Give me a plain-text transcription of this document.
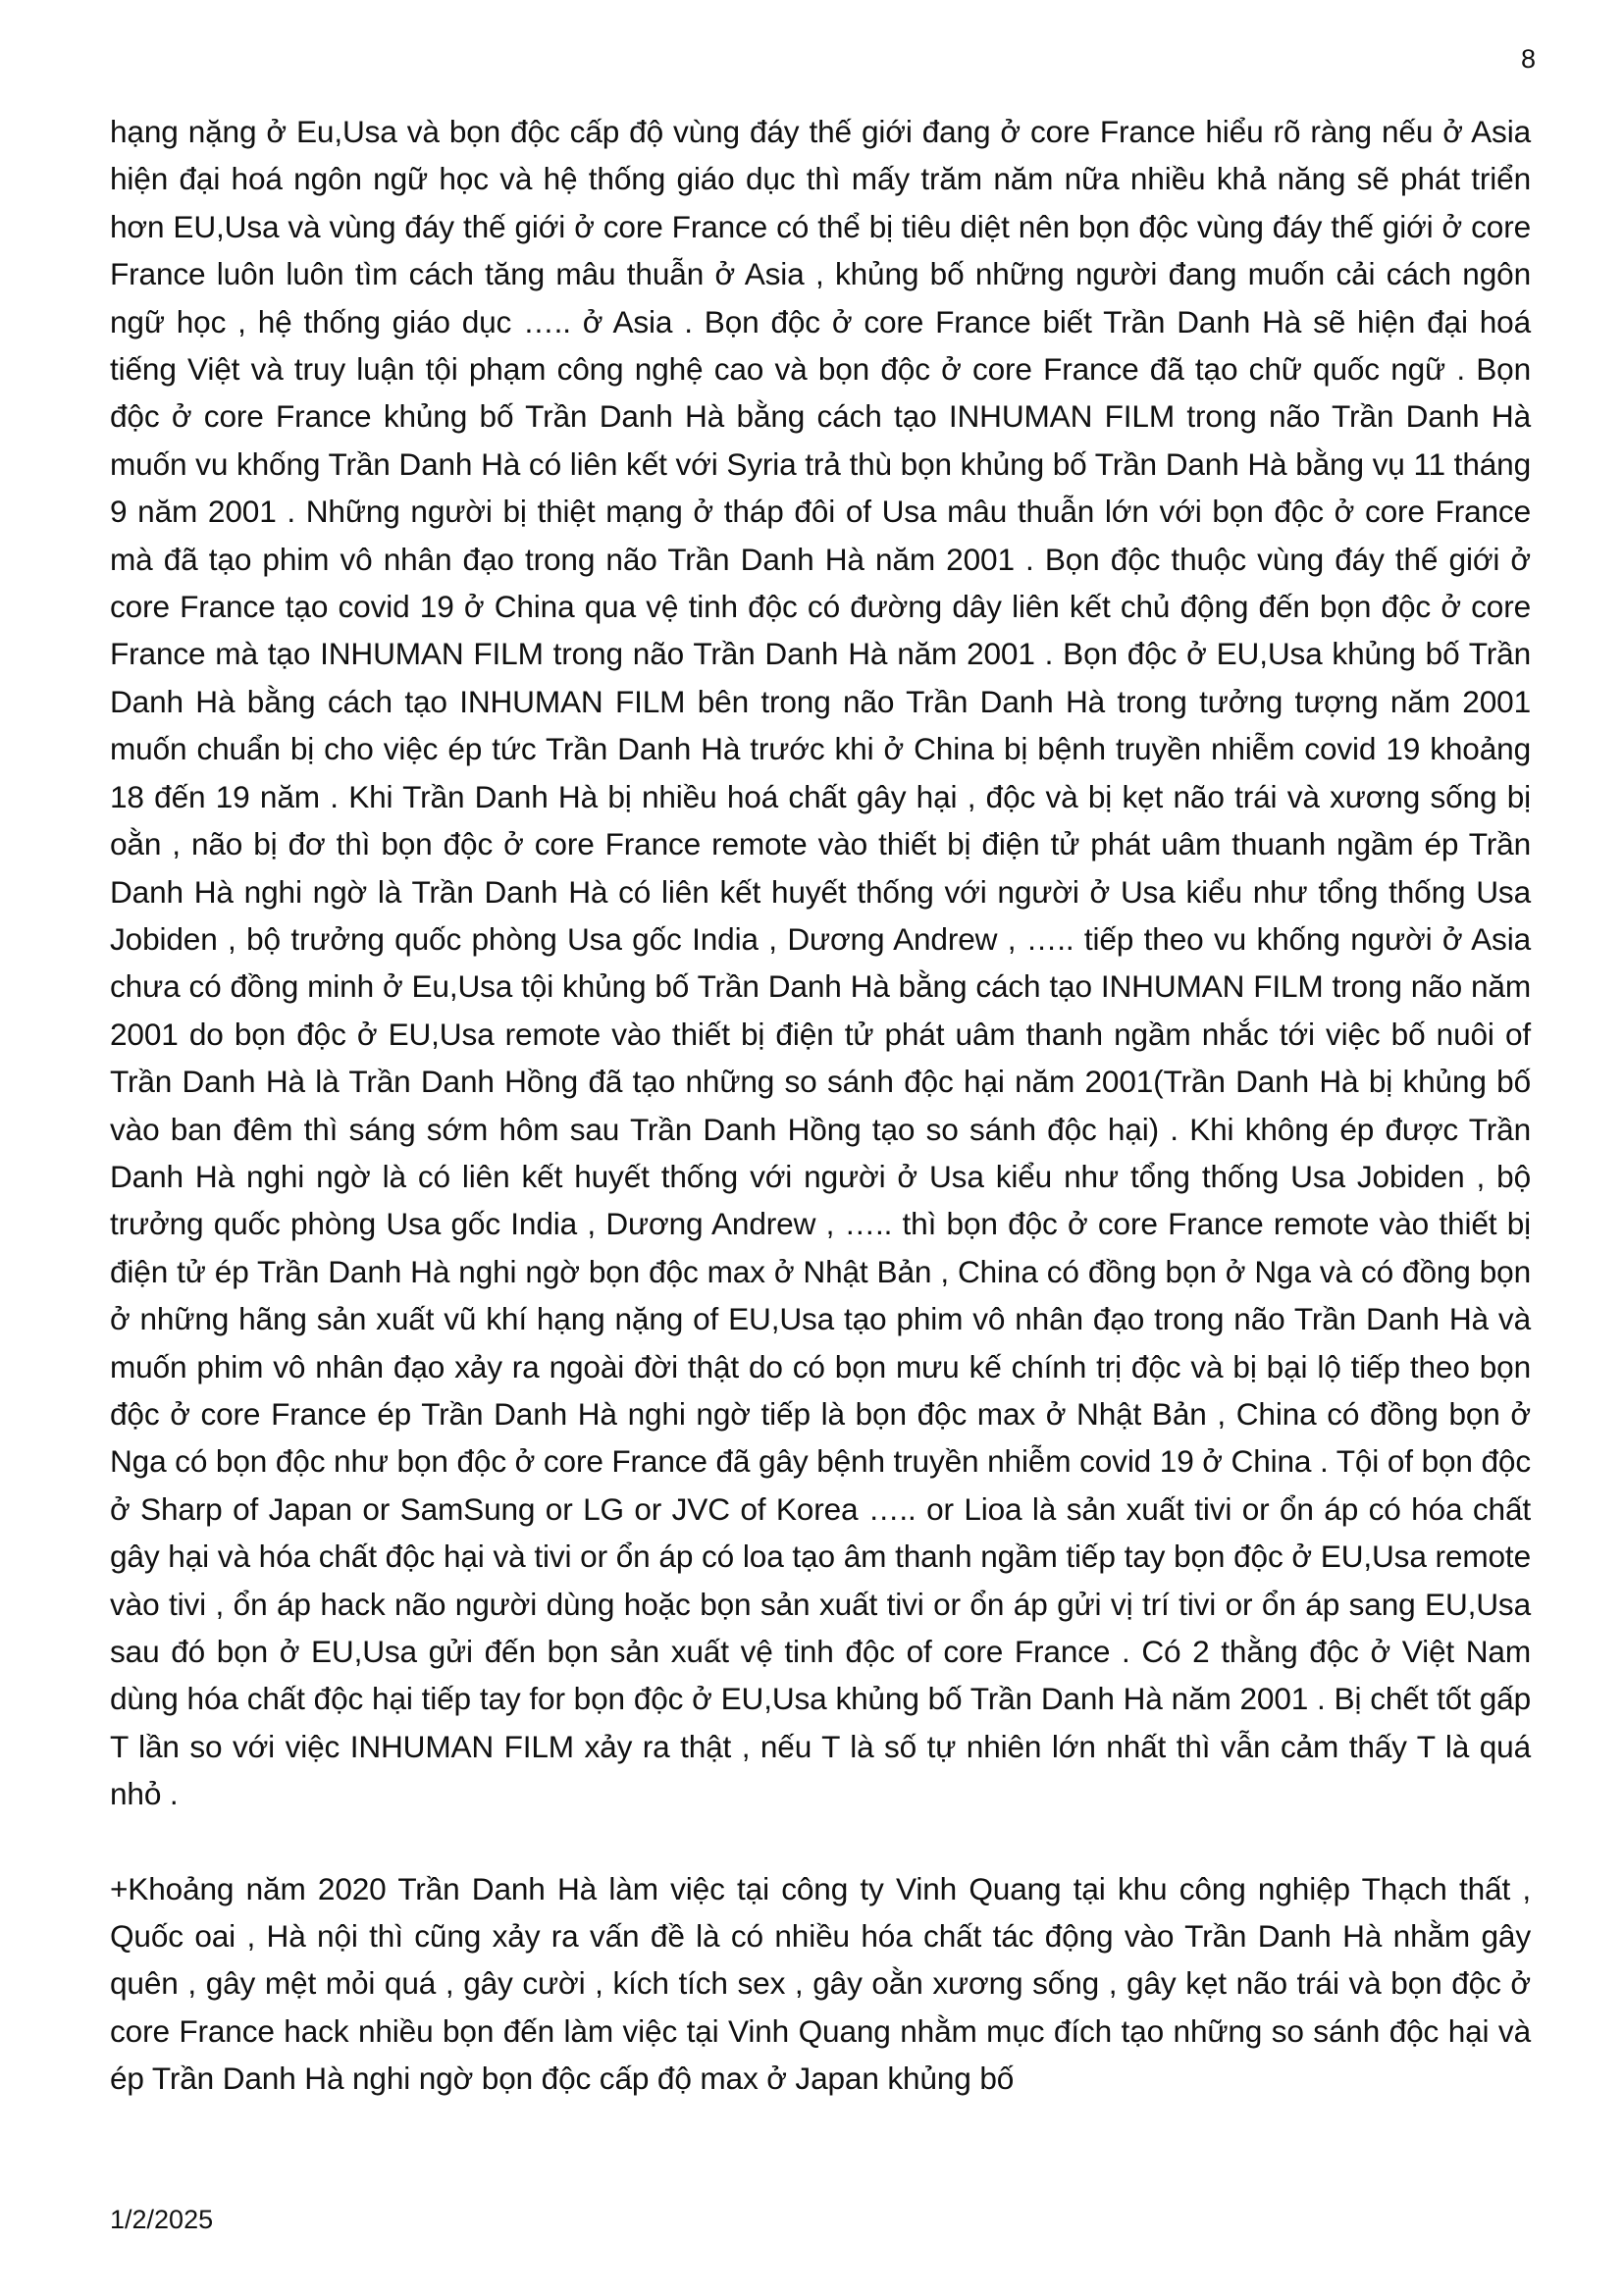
8

hạng nặng ở Eu,Usa và bọn độc cấp độ vùng đáy thế giới đang ở core France hiểu rõ ràng nếu ở Asia hiện đại hoá ngôn ngữ học và hệ thống giáo dục thì mấy trăm năm nữa nhiều khả năng sẽ phát triển hơn EU,Usa và vùng đáy thế giới ở core France có thể bị tiêu diệt nên bọn độc vùng đáy thế giới ở core France luôn luôn tìm cách tăng mâu thuẫn ở Asia , khủng bố những người đang muốn cải cách ngôn ngữ học , hệ thống giáo dục ….. ở Asia . Bọn độc ở core France biết Trần Danh Hà sẽ hiện đại hoá tiếng Việt và truy luận tội phạm công nghệ cao và bọn độc ở core France đã tạo chữ quốc ngữ . Bọn độc ở core France khủng bố Trần Danh Hà bằng cách tạo INHUMAN FILM trong não Trần Danh Hà muốn vu khống Trần Danh Hà có liên kết với Syria trả thù bọn khủng bố Trần Danh Hà bằng vụ 11 tháng 9 năm 2001 . Những người bị thiệt mạng ở tháp đôi of Usa mâu thuẫn lớn với bọn độc ở core France mà đã tạo phim vô nhân đạo trong não Trần Danh Hà năm 2001 . Bọn độc thuộc vùng đáy thế giới ở core France tạo covid 19 ở China qua vệ tinh độc có đường dây liên kết chủ động đến bọn độc ở core France mà tạo INHUMAN FILM trong não Trần Danh Hà năm 2001 . Bọn độc ở EU,Usa khủng bố Trần Danh Hà bằng cách tạo INHUMAN FILM bên trong não Trần Danh Hà trong tưởng tượng năm 2001 muốn chuẩn bị cho việc ép tức Trần Danh Hà trước khi ở China bị bệnh truyền nhiễm covid 19 khoảng 18 đến 19 năm . Khi Trần Danh Hà bị nhiều hoá chất gây hại , độc và bị kẹt não trái và xương sống bị oằn , não bị đơ thì bọn độc ở core France remote vào thiết bị điện tử phát uâm thuanh ngầm ép Trần Danh Hà nghi ngờ là Trần Danh Hà có liên kết huyết thống với người ở Usa kiểu như tổng thống Usa Jobiden , bộ trưởng quốc phòng Usa gốc India , Dương Andrew , ….. tiếp theo vu khống người ở Asia chưa có đồng minh ở Eu,Usa tội khủng bố Trần Danh Hà bằng cách tạo INHUMAN FILM trong não năm 2001 do bọn độc ở EU,Usa remote vào thiết bị điện tử phát uâm thanh ngầm nhắc tới việc bố nuôi of Trần Danh Hà là Trần Danh Hồng đã tạo những so sánh độc hại năm 2001(Trần Danh Hà bị khủng bố vào ban đêm thì sáng sớm hôm sau Trần Danh Hồng tạo so sánh độc hại) . Khi không ép được Trần Danh Hà nghi ngờ là có liên kết huyết thống với người ở Usa kiểu như tổng thống Usa Jobiden , bộ trưởng quốc phòng Usa gốc India , Dương Andrew , ….. thì bọn độc ở core France remote vào thiết bị điện tử ép Trần Danh Hà nghi ngờ bọn độc max ở Nhật Bản , China có đồng bọn ở Nga và có đồng bọn ở những hãng sản xuất vũ khí hạng nặng of EU,Usa tạo phim vô nhân đạo trong não Trần Danh Hà và muốn phim vô nhân đạo xảy ra ngoài đời thật do có bọn mưu kế chính trị độc và bị bại lộ tiếp theo bọn độc ở core France ép Trần Danh Hà nghi ngờ tiếp là bọn độc max ở Nhật Bản , China có đồng bọn ở Nga có bọn độc như bọn độc ở core France đã gây bệnh truyền nhiễm covid 19 ở China . Tội of bọn độc ở Sharp of Japan or SamSung or LG or JVC of Korea ….. or Lioa là sản xuất tivi or ổn áp có hóa chất gây hại và hóa chất độc hại và tivi or ổn áp có loa tạo âm thanh ngầm tiếp tay bọn độc ở EU,Usa remote vào tivi , ổn áp hack não người dùng hoặc bọn sản xuất tivi or ổn áp gửi vị trí tivi or ổn áp sang EU,Usa sau đó bọn ở EU,Usa gửi đến bọn sản xuất vệ tinh độc of core France . Có 2 thằng độc ở Việt Nam dùng hóa chất độc hại tiếp tay for bọn độc ở EU,Usa khủng bố Trần Danh Hà năm 2001 . Bị chết tốt gấp T lần so với việc INHUMAN FILM xảy ra thật , nếu T là số tự nhiên lớn nhất thì vẫn cảm thấy T là quá nhỏ .

+Khoảng năm 2020 Trần Danh Hà làm việc tại công ty Vinh Quang tại khu công nghiệp Thạch thất , Quốc oai , Hà nội thì cũng xảy ra vấn đề là có nhiều hóa chất tác động vào Trần Danh Hà nhằm gây quên , gây mệt mỏi quá , gây cười , kích tích sex , gây oằn xương sống , gây kẹt não trái và bọn độc ở core France hack nhiều bọn đến làm việc tại Vinh Quang nhằm mục đích tạo những so sánh độc hại và ép Trần Danh Hà nghi ngờ bọn độc cấp độ max ở Japan khủng bố

1/2/2025
